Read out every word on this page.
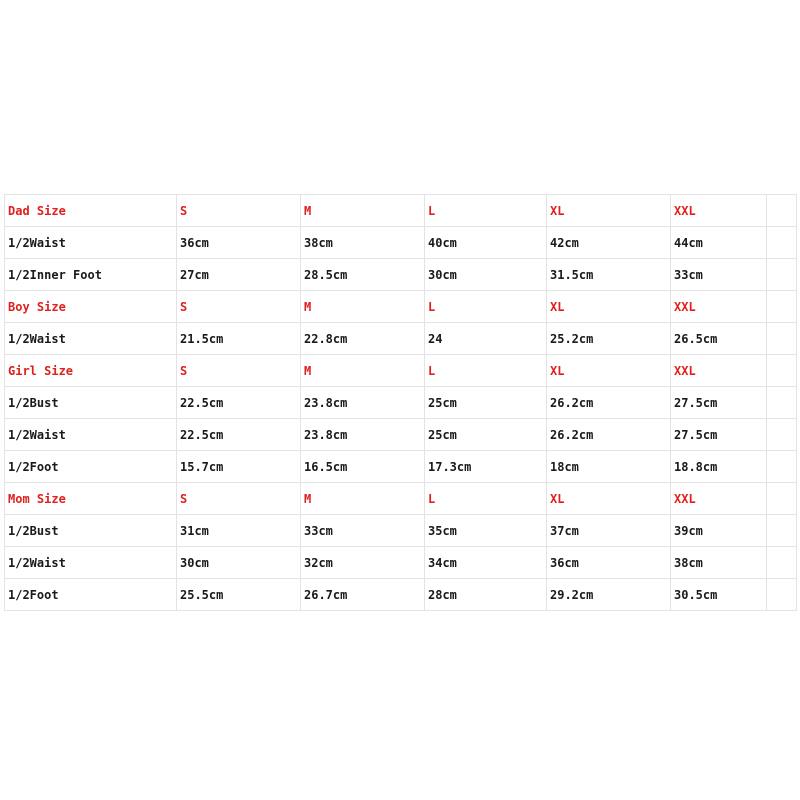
Dad Size	S	M	L	XL	XXL	
1/2Waist	36cm	38cm	40cm	42cm	44cm	
1/2Inner Foot	27cm	28.5cm	30cm	31.5cm	33cm	
Boy Size	S	M	L	XL	XXL	
1/2Waist	21.5cm	22.8cm	24	25.2cm	26.5cm	
Girl Size	S	M	L	XL	XXL	
1/2Bust	22.5cm	23.8cm	25cm	26.2cm	27.5cm	
1/2Waist	22.5cm	23.8cm	25cm	26.2cm	27.5cm	
1/2Foot	15.7cm	16.5cm	17.3cm	18cm	18.8cm	
Mom Size	S	M	L	XL	XXL	
1/2Bust	31cm	33cm	35cm	37cm	39cm	
1/2Waist	30cm	32cm	34cm	36cm	38cm	
1/2Foot	25.5cm	26.7cm	28cm	29.2cm	30.5cm	
